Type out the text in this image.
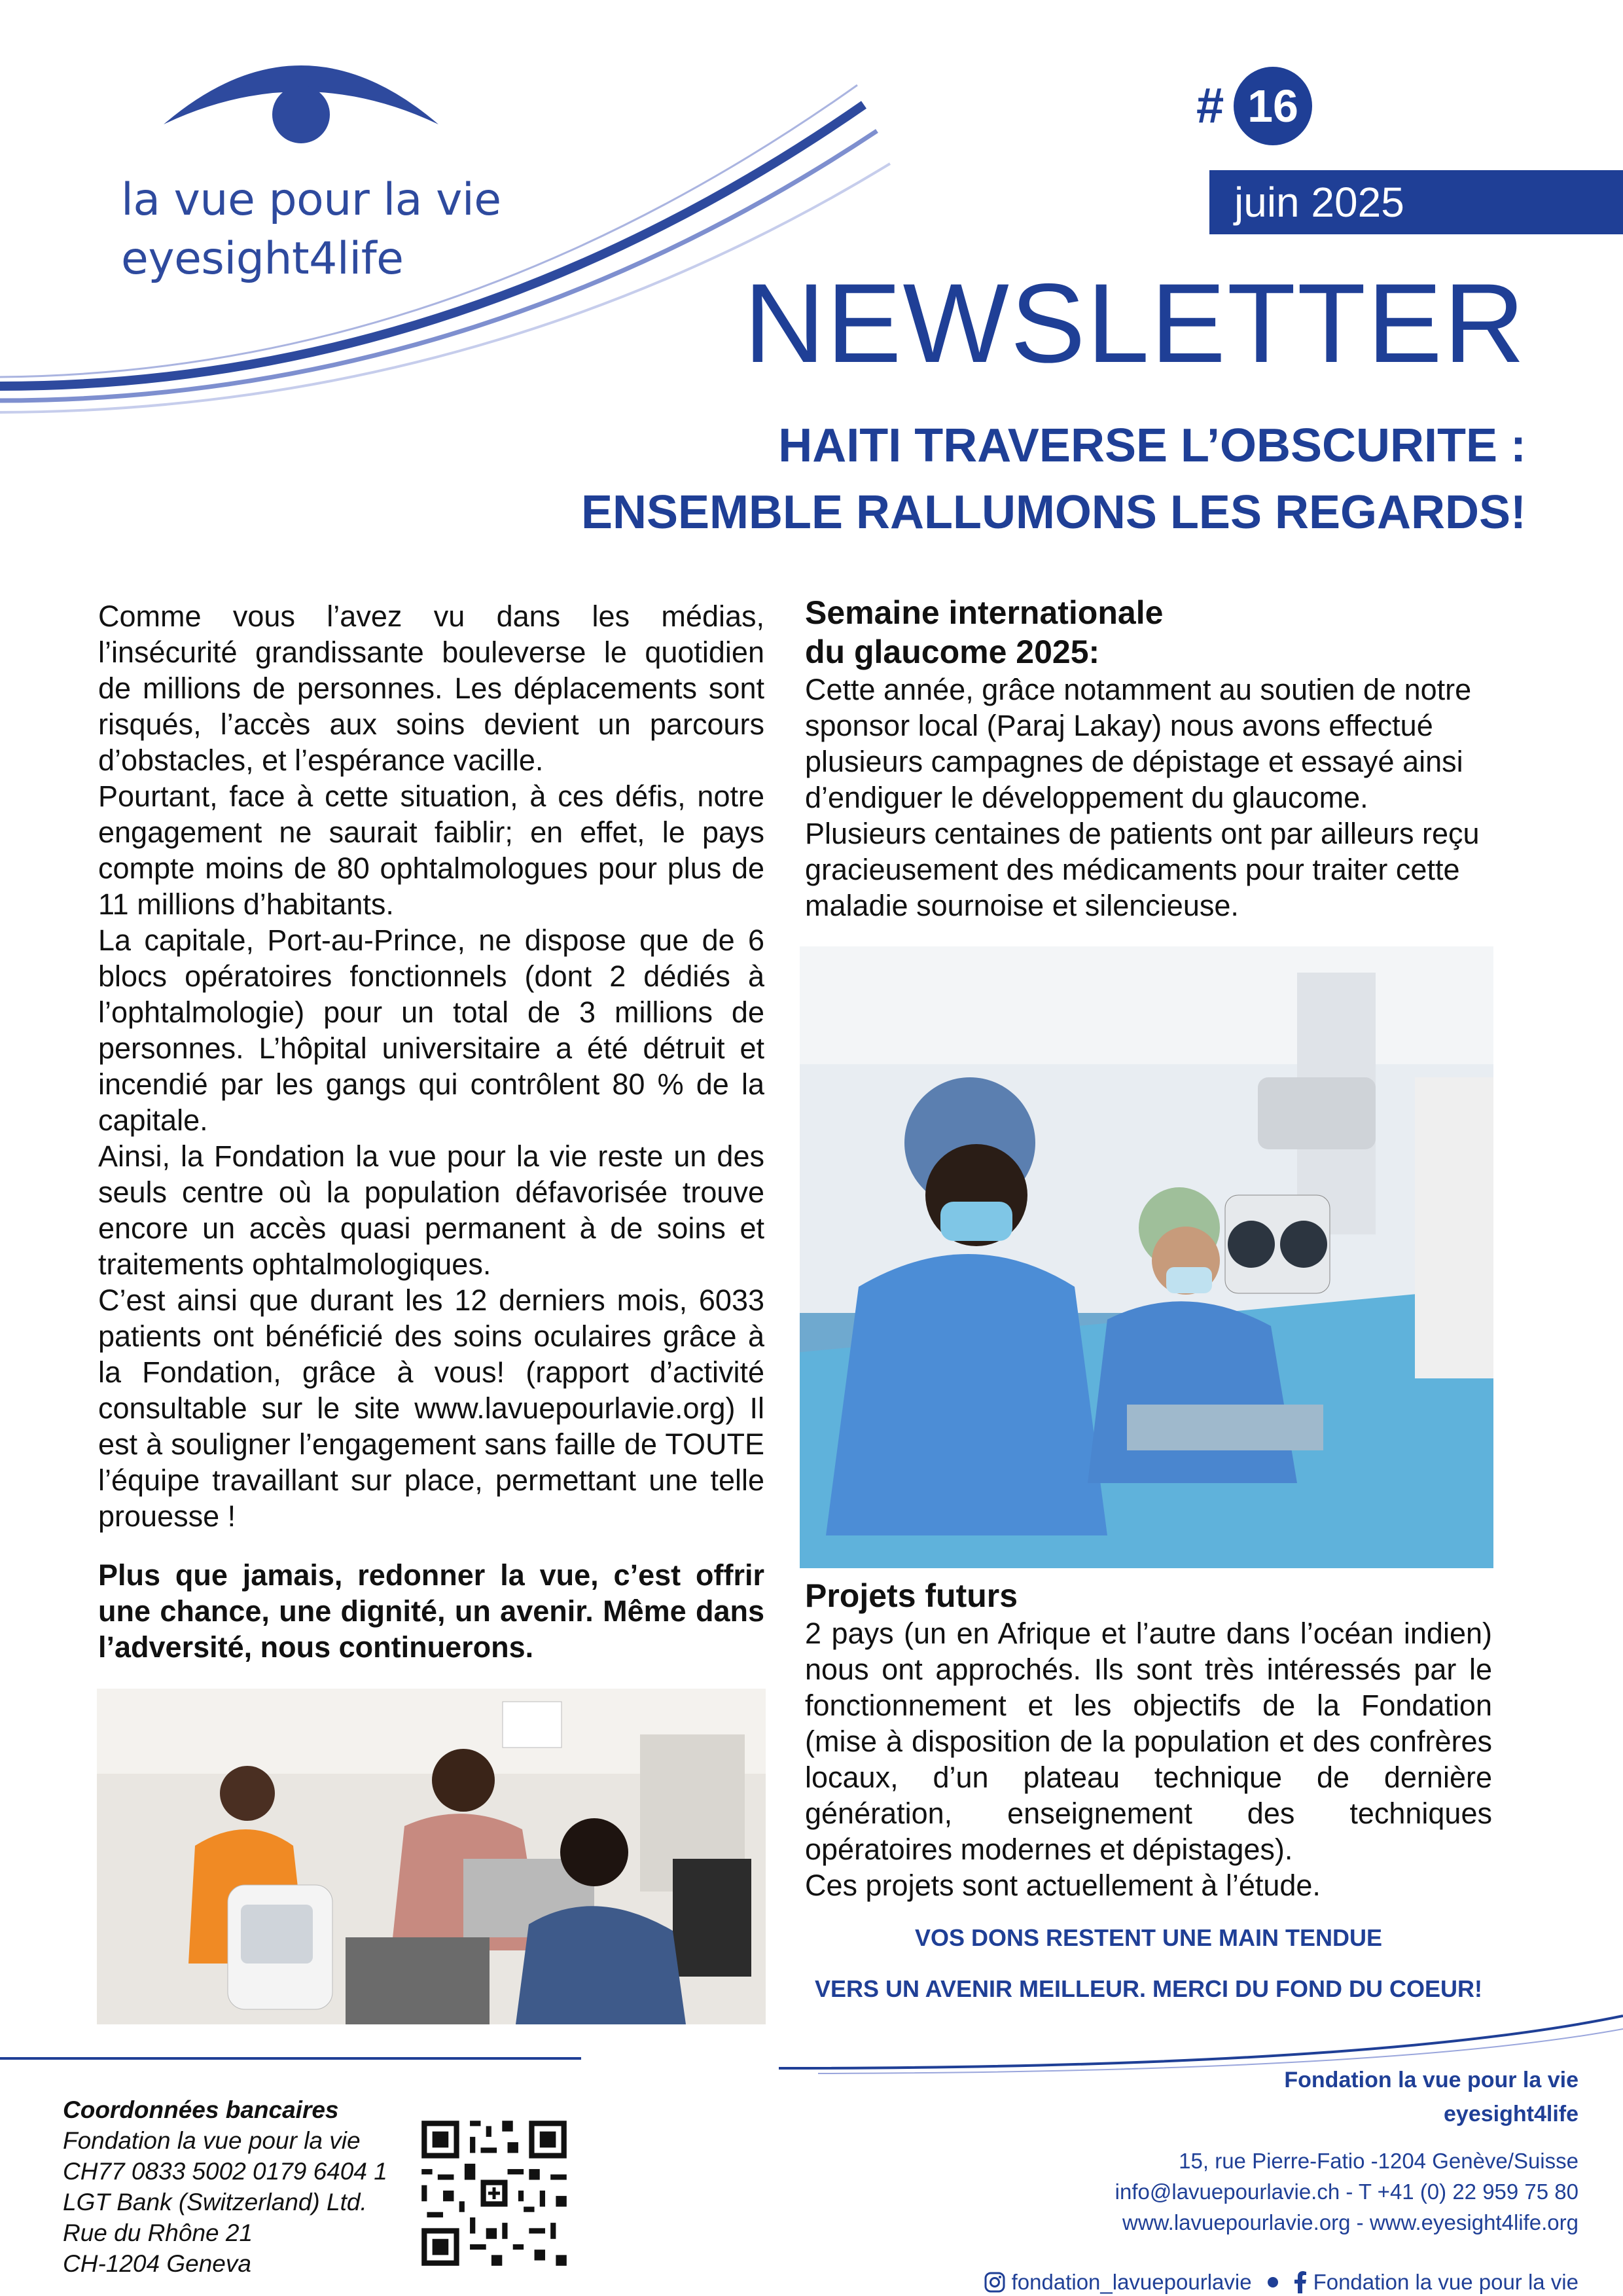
la vue pour la vie
eyesight4life
# 16
juin 2025
NEWSLETTER
HAITI TRAVERSE L’OBSCURITE :
ENSEMBLE RALLUMONS LES REGARDS!

Comme vous l’avez vu dans les médias, l’insécurité grandissante bouleverse le quotidien de millions de personnes. Les déplacements sont risqués, l’accès aux soins devient un parcours d’obstacles, et l’espérance vacille.

Pourtant, face à cette situation, à ces défis, notre engagement ne saurait faiblir; en effet, le pays compte moins de 80 ophtalmologues pour plus de 11 millions d’habitants.

La capitale, Port-au-Prince, ne dispose que de 6 blocs opératoires fonctionnels (dont 2 dédiés à l’ophtalmologie) pour un total de 3 millions de personnes. L’hôpital universitaire a été détruit et incendié par les gangs qui contrôlent 80 % de la capitale.

Ainsi, la Fondation la vue pour la vie reste un des seuls centre où la population défavorisée trouve encore un accès quasi permanent à de soins et traitements ophtalmologiques.

C’est ainsi que durant les 12 derniers mois, 6033 patients ont bénéficié des soins oculaires grâce à la Fondation, grâce à vous! (rapport d’activité consultable sur le site www.lavuepourlavie.org) Il est à souligner l’engagement sans faille de TOUTE l’équipe travaillant sur place, permettant une telle prouesse !

Plus que jamais, redonner la vue, c’est offrir une chance, une dignité, un avenir. Même dans l’adversité, nous continuerons.

Semaine internationale

du glaucome 2025:

Cette année, grâce notamment au soutien de notre sponsor local (Paraj Lakay) nous avons effectué plusieurs campagnes de dépistage et essayé ainsi d’endiguer le développement du glaucome. Plusieurs centaines de patients ont par ailleurs reçu gracieusement des médicaments pour traiter cette maladie sournoise et silencieuse.

Projets futurs

2 pays (un en Afrique et l’autre dans l’océan indien) nous ont approchés. Ils sont très intéressés par le fonctionnement et les objectifs de la Fondation (mise à disposition de la population et des confrères locaux, d’un plateau technique de dernière génération, enseignement des techniques opératoires modernes et dépistages).

Ces projets sont actuellement à l’étude.

VOS DONS RESTENT UNE MAIN TENDUE
VERS UN AVENIR MEILLEUR. MERCI DU FOND DU COEUR!
Coordonnées bancaires
Fondation la vue pour la vie
CH77 0833 5002 0179 6404 1
LGT Bank (Switzerland) Ltd.
Rue du Rhône 21
CH-1204 Geneva
Fondation la vue pour la vie
eyesight4life
15, rue Pierre-Fatio -1204 Genève/Suisse
info@lavuepourlavie.ch - T +41 (0) 22 959 75 80
www.lavuepourlavie.org - www.eyesight4life.org
fondation_lavuepourlavie	Fondation la vue pour la vie
